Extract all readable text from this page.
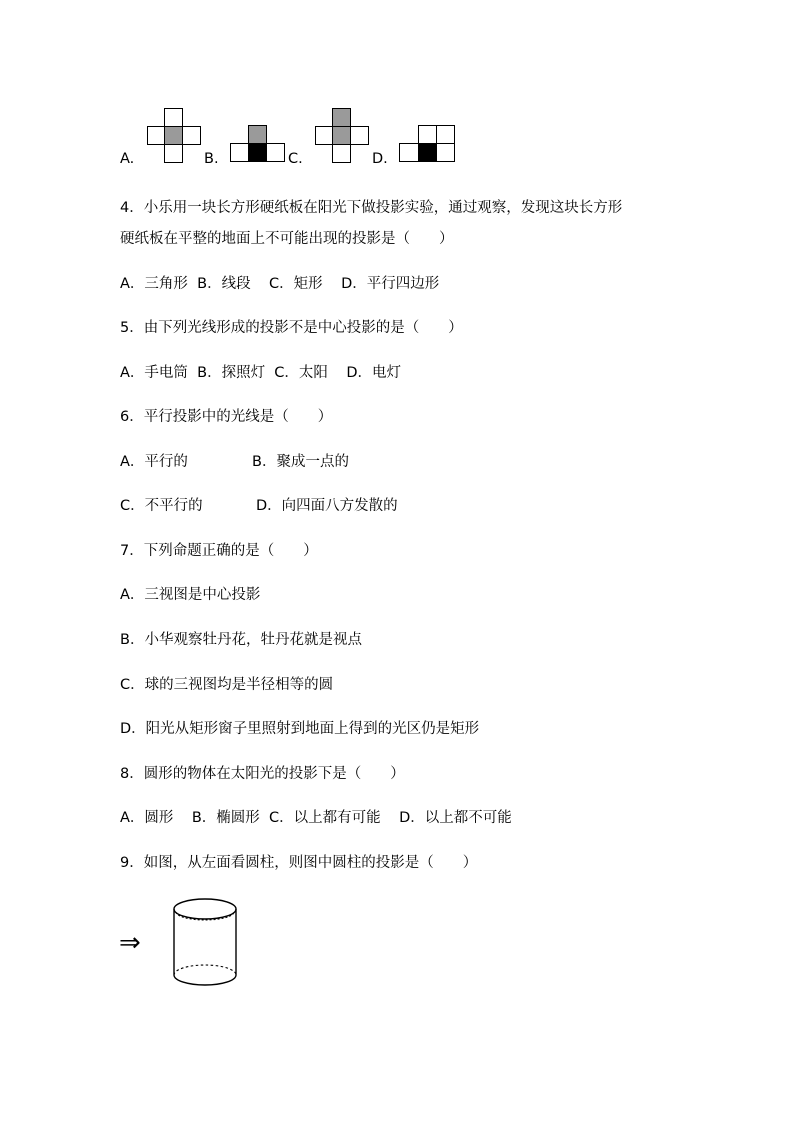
A.	B.	C.	D.
4．小乐用一块长方形硬纸板在阳光下做投影实验，通过观察，发现这块长方形
硬纸板在平整的地面上不可能出现的投影是（　　）
A．三角形  B．线段    C．矩形    D．平行四边形
5．由下列光线形成的投影不是中心投影的是（　　）
A．手电筒  B．探照灯  C．太阳    D．电灯
6．平行投影中的光线是（　　）
A．平行的	B．聚成一点的
C．不平行的	D．向四面八方发散的
7．下列命题正确的是（　　）
A．三视图是中心投影
B．小华观察牡丹花，牡丹花就是视点
C．球的三视图均是半径相等的圆
D．阳光从矩形窗子里照射到地面上得到的光区仍是矩形
8．圆形的物体在太阳光的投影下是（　　）
A．圆形    B．椭圆形  C．以上都有可能    D．以上都不可能
9．如图，从左面看圆柱，则图中圆柱的投影是（　　）
⇒
